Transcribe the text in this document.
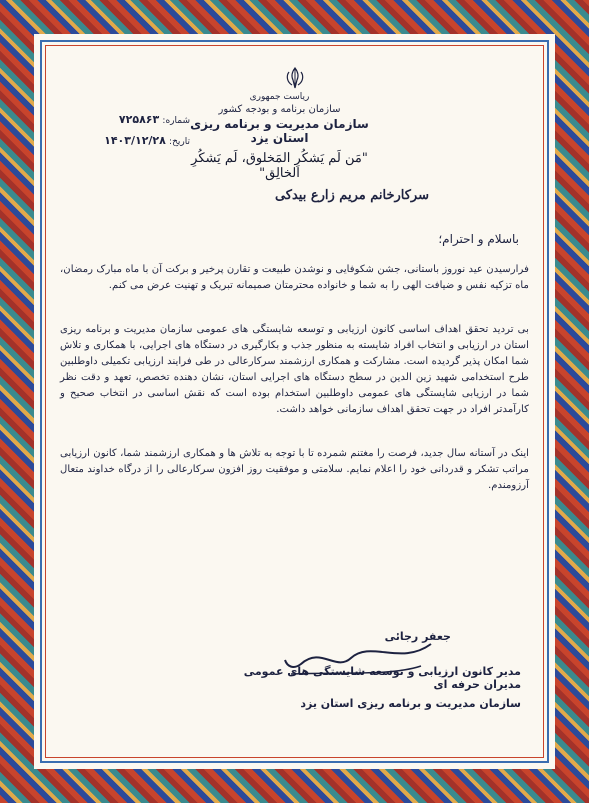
ریاست جمهوری

سازمان برنامه و بودجه کشور

سازمان مدیریت و برنامه ریزی استان یزد

"مَن لَم یَشکُرِ المَخلوق، لَم یَشکُرِ الخالِق"

شماره: ۷۲۵۸۶۳
تاریخ: ۱۴۰۳/۱۲/۲۸
سرکارخانم مریم زارع بیدکی
باسلام و احترام؛

فرارسیدن عید نوروز باستانی، جشن شکوفایی و نوشدن طبیعت و تقارن پرخیر و برکت آن با ماه مبارک رمضان، ماه تزکیه نفس و ضیافت الهی را به شما و خانواده محترمتان صمیمانه تبریک و تهنیت عرض می کنم.

بی تردید تحقق اهداف اساسی کانون ارزیابی و توسعه شایستگی های عمومی سازمان مدیریت و برنامه ریزی استان در ارزیابی و انتخاب افراد شایسته به منظور جذب و بکارگیری در دستگاه های اجرایی، با همکاری و تلاش شما امکان پذیر گردیده است. مشارکت و همکاری ارزشمند سرکارعالی در طی فرایند ارزیابی تکمیلی داوطلبین طرح استخدامی شهید زین الدین در سطح دستگاه های اجرایی استان، نشان دهنده تخصص، تعهد و دقت نظر شما در ارزیابی شایستگی های عمومی داوطلبین استخدام بوده است که نقش اساسی در انتخاب صحیح و کارآمدتر افراد در جهت تحقق اهداف سازمانی خواهد داشت.

اینک در آستانه سال جدید، فرصت را مغتنم شمرده تا با توجه به تلاش ها و همکاری ارزشمند شما، کانون ارزیابی مراتب تشکر و قدردانی خود را اعلام نمایم. سلامتی و موفقیت روز افزون سرکارعالی را از درگاه خداوند متعال آرزومندم.

جعفر رجائی

مدیر کانون ارزیابی و توسعه شایستگی های عمومی مدیران حرفه ای

سازمان مدیریت و برنامه ریزی استان یزد
